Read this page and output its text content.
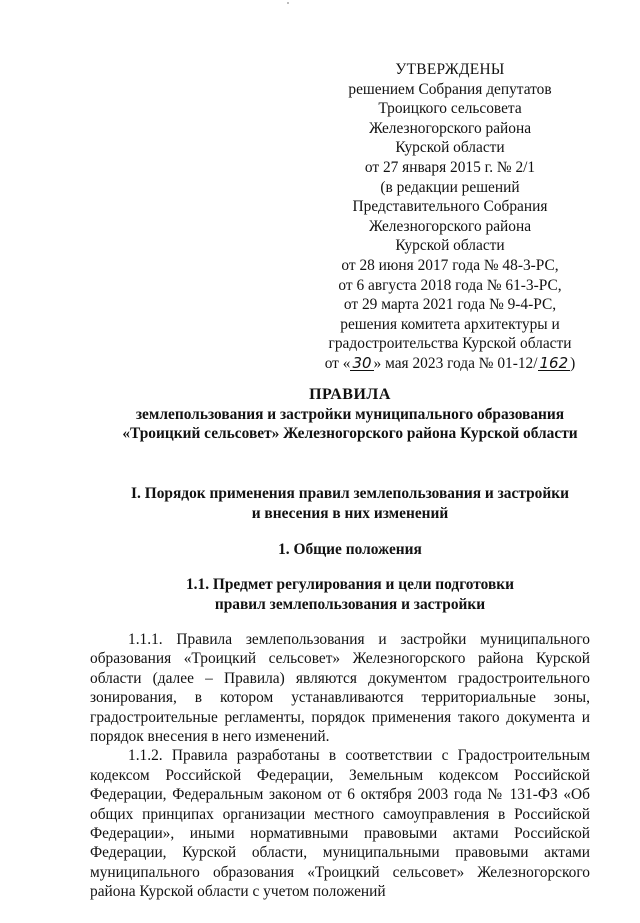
УТВЕРЖДЕНЫ
решением Собрания депутатов
Троицкого сельсовета
Железногорского района
Курской области
от 27 января 2015 г. № 2/1
(в редакции решений
Представительного Собрания
Железногорского района
Курской области
от 28 июня 2017 года № 48-3-РС,
от 6 августа 2018 года № 61-3-РС,
от 29 марта 2021 года № 9-4-РС,
решения комитета архитектуры и
градостроительства Курской области
от « 30 » мая 2023 года № 01-12/ 162 )
ПРАВИЛА
землепользования и застройки муниципального образования
«Троицкий сельсовет» Железногорского района Курской области
I. Порядок применения правил землепользования и застройки
и внесения в них изменений
1. Общие положения
1.1. Предмет регулирования и цели подготовки
правил землепользования и застройки

1.1.1. Правила землепользования и застройки муниципального образования «Троицкий сельсовет» Железногорского района Курской области (далее – Правила) являются документом градостроительного зонирования, в котором устанавливаются территориальные зоны, градостроительные регламенты, порядок применения такого документа и порядок внесения в него изменений.

1.1.2. Правила разработаны в соответствии с Градостроительным кодексом Российской Федерации, Земельным кодексом Российской Федерации, Федеральным законом от 6 октября 2003 года № 131-ФЗ «Об общих принципах организации местного самоуправления в Российской Федерации», иными нормативными правовыми актами Российской Федерации, Курской области, муниципальными правовыми актами муниципального образования «Троицкий сельсовет» Железногорского района Курской области с учетом положений
